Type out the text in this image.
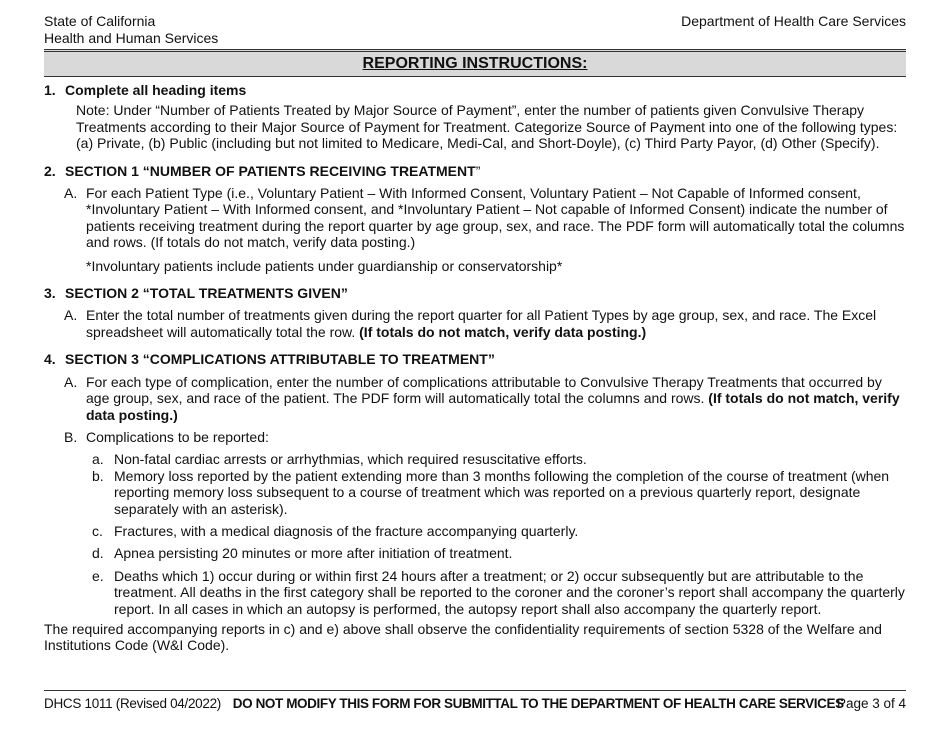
State of California
Health and Human Services
Department of Health Care Services
REPORTING INSTRUCTIONS:
1. Complete all heading items
Note: Under “Number of Patients Treated by Major Source of Payment”, enter the number of patients given Convulsive Therapy Treatments according to their Major Source of Payment for Treatment. Categorize Source of Payment into one of the following types: (a) Private, (b) Public (including but not limited to Medicare, Medi-Cal, and Short-Doyle), (c) Third Party Payor, (d) Other (Specify).
2. SECTION 1 “NUMBER OF PATIENTS RECEIVING TREATMENT”
A. For each Patient Type (i.e., Voluntary Patient – With Informed Consent, Voluntary Patient – Not Capable of Informed consent, *Involuntary Patient – With Informed consent, and *Involuntary Patient – Not capable of Informed Consent) indicate the number of patients receiving treatment during the report quarter by age group, sex, and race. The PDF form will automatically total the columns and rows. (If totals do not match, verify data posting.)
*Involuntary patients include patients under guardianship or conservatorship*
3. SECTION 2 “TOTAL TREATMENTS GIVEN”
A. Enter the total number of treatments given during the report quarter for all Patient Types by age group, sex, and race. The Excel spreadsheet will automatically total the row. (If totals do not match, verify data posting.)
4. SECTION 3 “COMPLICATIONS ATTRIBUTABLE TO TREATMENT”
A. For each type of complication, enter the number of complications attributable to Convulsive Therapy Treatments that occurred by age group, sex, and race of the patient. The PDF form will automatically total the columns and rows. (If totals do not match, verify data posting.)
B. Complications to be reported:
a. Non-fatal cardiac arrests or arrhythmias, which required resuscitative efforts.
b. Memory loss reported by the patient extending more than 3 months following the completion of the course of treatment (when reporting memory loss subsequent to a course of treatment which was reported on a previous quarterly report, designate separately with an asterisk).
c. Fractures, with a medical diagnosis of the fracture accompanying quarterly.
d. Apnea persisting 20 minutes or more after initiation of treatment.
e. Deaths which 1) occur during or within first 24 hours after a treatment; or 2) occur subsequently but are attributable to the treatment. All deaths in the first category shall be reported to the coroner and the coroner’s report shall accompany the quarterly report. In all cases in which an autopsy is performed, the autopsy report shall also accompany the quarterly report.
The required accompanying reports in c) and e) above shall observe the confidentiality requirements of section 5328 of the Welfare and Institutions Code (W&I Code).
DHCS 1011 (Revised 04/2022) DO NOT MODIFY THIS FORM FOR SUBMITTAL TO THE DEPARTMENT OF HEALTH CARE SERVICES
Page 3 of 4
